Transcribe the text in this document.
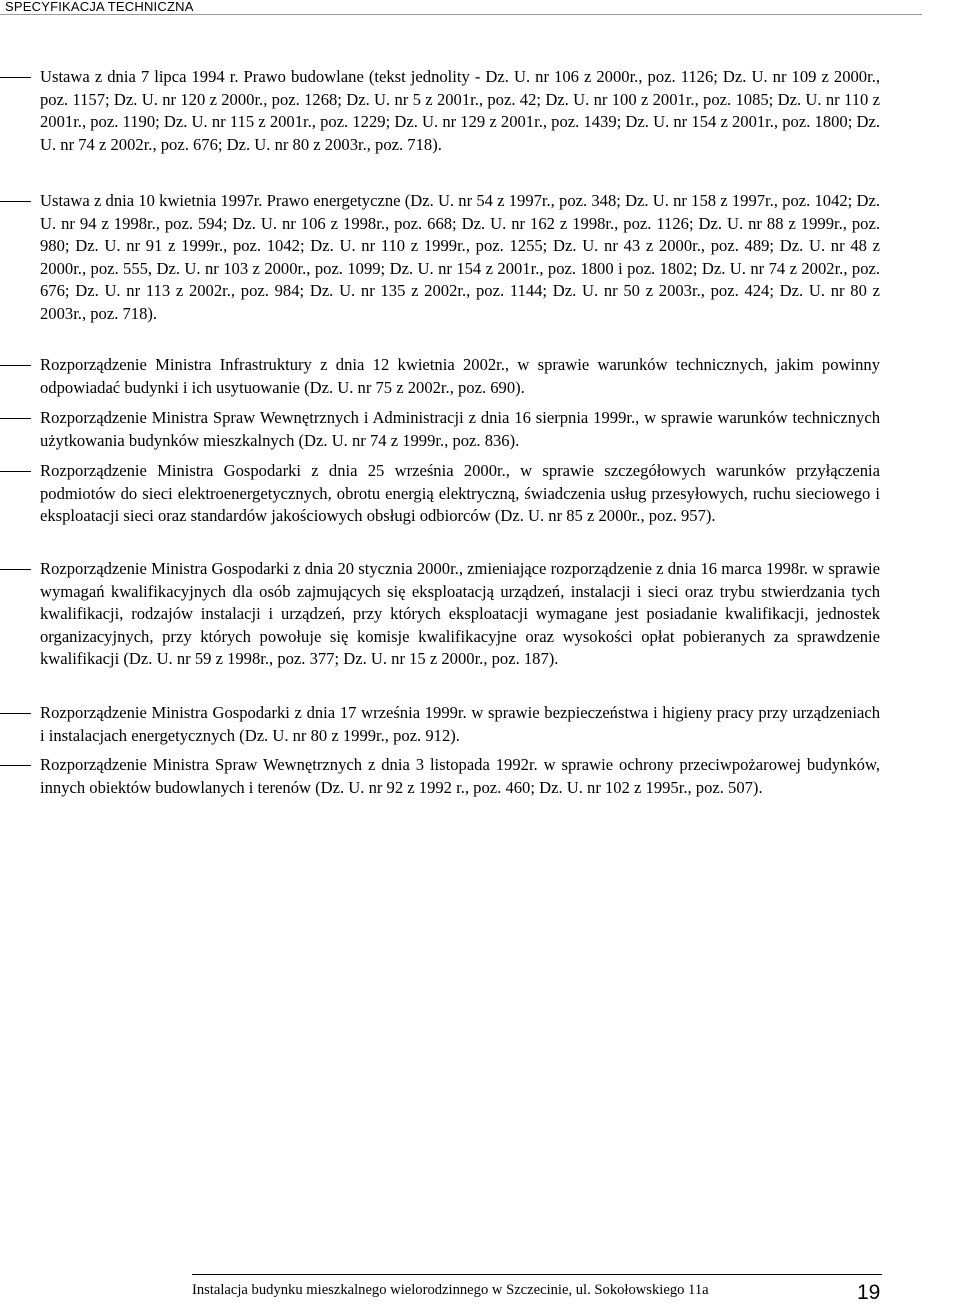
SPECYFIKACJA TECHNICZNA
Ustawa z dnia 7 lipca 1994 r. Prawo budowlane (tekst jednolity - Dz. U. nr 106 z 2000r., poz. 1126; Dz. U. nr 109 z 2000r., poz. 1157; Dz. U. nr 120 z 2000r., poz. 1268; Dz. U. nr 5 z 2001r., poz. 42; Dz. U. nr 100 z 2001r., poz. 1085; Dz. U. nr 110 z 2001r., poz. 1190; Dz. U. nr 115 z 2001r., poz. 1229; Dz. U. nr 129 z 2001r., poz. 1439; Dz. U. nr 154 z 2001r., poz. 1800; Dz. U. nr 74 z 2002r., poz. 676; Dz. U. nr 80 z 2003r., poz. 718).
Ustawa z dnia 10 kwietnia 1997r. Prawo energetyczne (Dz. U. nr 54 z 1997r., poz. 348; Dz. U. nr 158 z 1997r., poz. 1042; Dz. U. nr 94 z 1998r., poz. 594; Dz. U. nr 106 z 1998r., poz. 668; Dz. U. nr 162 z 1998r., poz. 1126; Dz. U. nr 88 z 1999r., poz. 980; Dz. U. nr 91 z 1999r., poz. 1042; Dz. U. nr 110 z 1999r., poz. 1255; Dz. U. nr 43 z 2000r., poz. 489; Dz. U. nr 48 z 2000r., poz. 555, Dz. U. nr 103 z 2000r., poz. 1099; Dz. U. nr 154 z 2001r., poz. 1800 i poz. 1802; Dz. U. nr 74 z 2002r., poz. 676; Dz. U. nr 113 z 2002r., poz. 984; Dz. U. nr 135 z 2002r., poz. 1144; Dz. U. nr 50 z 2003r., poz. 424; Dz. U. nr 80 z 2003r., poz. 718).
Rozporządzenie Ministra Infrastruktury z dnia 12 kwietnia 2002r., w sprawie warunków technicznych, jakim powinny odpowiadać budynki i ich usytuowanie (Dz. U. nr 75 z 2002r., poz. 690).
Rozporządzenie Ministra Spraw Wewnętrznych i Administracji z dnia 16 sierpnia 1999r., w sprawie warunków technicznych użytkowania budynków mieszkalnych (Dz. U. nr 74 z 1999r., poz. 836).
Rozporządzenie Ministra Gospodarki z dnia 25 września 2000r., w sprawie szczegółowych warunków przyłączenia podmiotów do sieci elektroenergetycznych, obrotu energią elektryczną, świadczenia usług przesyłowych, ruchu sieciowego i eksploatacji sieci oraz standardów jakościowych obsługi odbiorców (Dz. U. nr 85 z 2000r., poz. 957).
Rozporządzenie Ministra Gospodarki z dnia 20 stycznia 2000r., zmieniające rozporządzenie z dnia 16 marca 1998r. w sprawie wymagań kwalifikacyjnych dla osób zajmujących się eksploatacją urządzeń, instalacji i sieci oraz trybu stwierdzania tych kwalifikacji, rodzajów instalacji i urządzeń, przy których eksploatacji wymagane jest posiadanie kwalifikacji, jednostek organizacyjnych, przy których powołuje się komisje kwalifikacyjne oraz wysokości opłat pobieranych za sprawdzenie kwalifikacji (Dz. U. nr 59 z 1998r., poz. 377; Dz. U. nr 15 z 2000r., poz. 187).
Rozporządzenie Ministra Gospodarki z dnia 17 września 1999r. w sprawie bezpieczeństwa i higieny pracy przy urządzeniach i instalacjach energetycznych (Dz. U. nr 80 z 1999r., poz. 912).
Rozporządzenie Ministra Spraw Wewnętrznych z dnia 3 listopada 1992r. w sprawie ochrony przeciwpożarowej budynków, innych obiektów budowlanych i terenów (Dz. U. nr 92 z 1992 r., poz. 460; Dz. U. nr 102 z 1995r., poz. 507).
Instalacja budynku mieszkalnego wielorodzinnego w Szczecinie, ul. Sokołowskiego 11a	19
